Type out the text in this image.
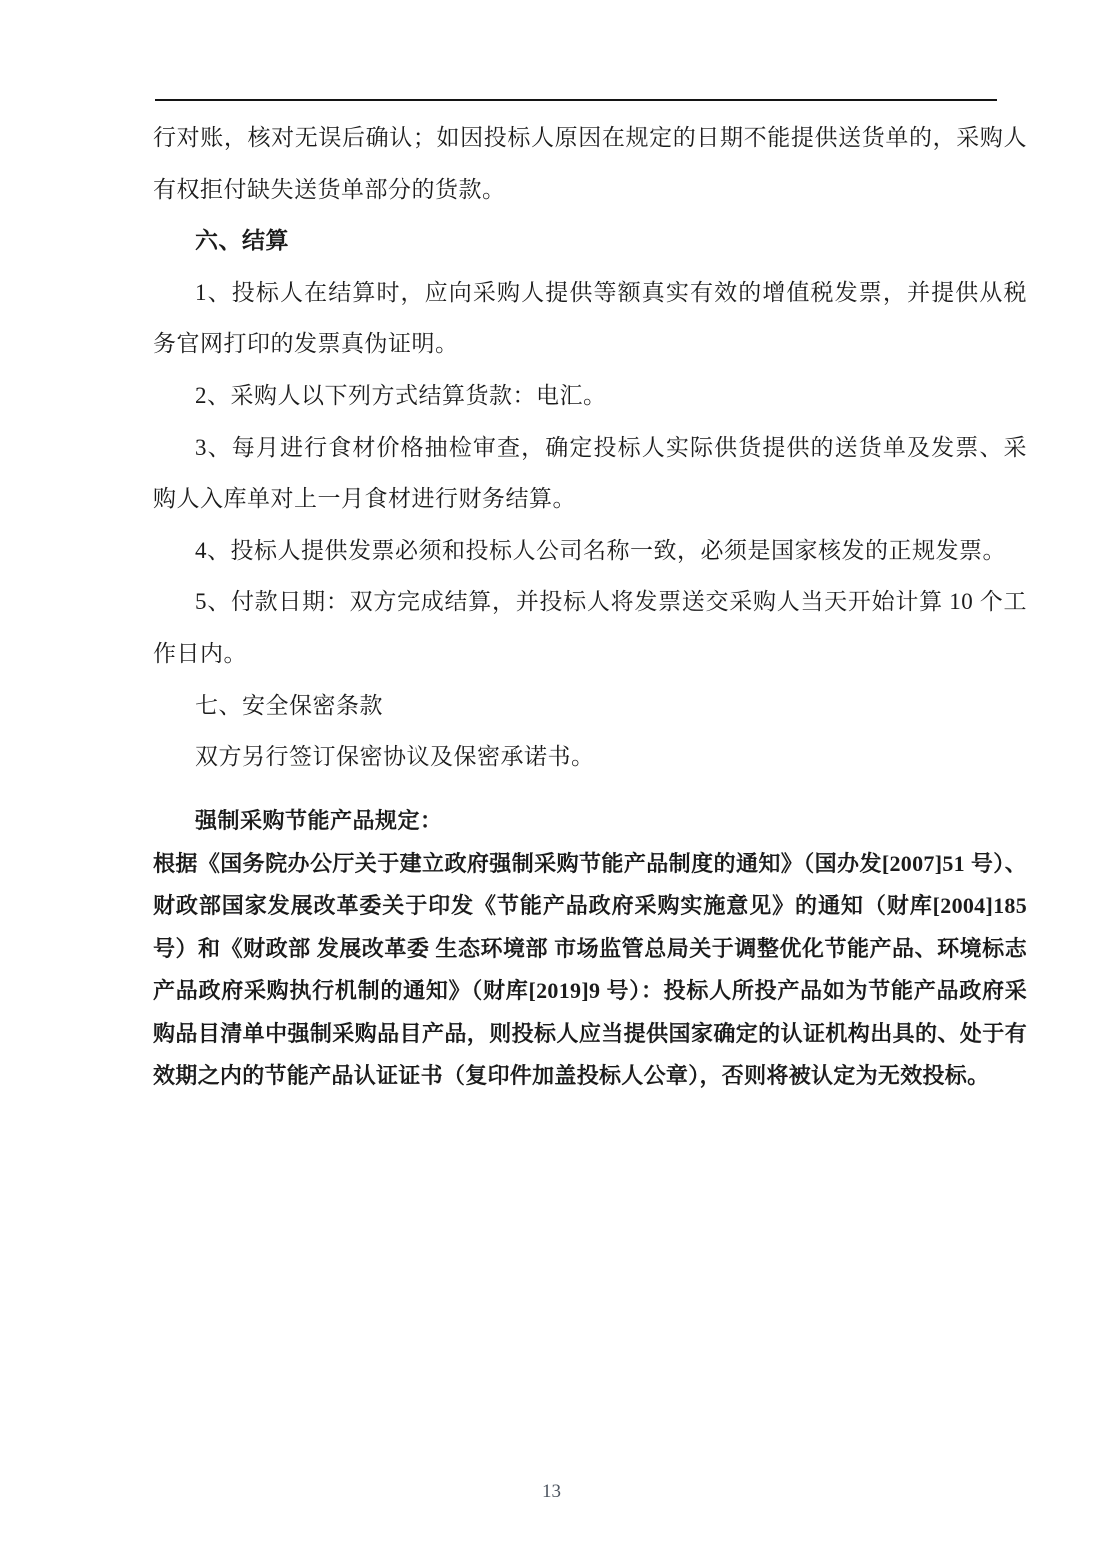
行对账，核对无误后确认；如因投标人原因在规定的日期不能提供送货单的，采购人有权拒付缺失送货单部分的货款。

六、结算

1、投标人在结算时，应向采购人提供等额真实有效的增值税发票，并提供从税务官网打印的发票真伪证明。

2、采购人以下列方式结算货款：电汇。

3、每月进行食材价格抽检审查，确定投标人实际供货提供的送货单及发票、采购人入库单对上一月食材进行财务结算。

4、投标人提供发票必须和投标人公司名称一致，必须是国家核发的正规发票。

5、付款日期：双方完成结算，并投标人将发票送交采购人当天开始计算 10 个工作日内。

七、安全保密条款

双方另行签订保密协议及保密承诺书。

强制采购节能产品规定：

根据《国务院办公厅关于建立政府强制采购节能产品制度的通知》（国办发[2007]51 号）、财政部国家发展改革委关于印发《节能产品政府采购实施意见》的通知（财库[2004]185 号）和《财政部 发展改革委 生态环境部 市场监管总局关于调整优化节能产品、环境标志产品政府采购执行机制的通知》（财库[2019]9 号）：投标人所投产品如为节能产品政府采购品目清单中强制采购品目产品，则投标人应当提供国家确定的认证机构出具的、处于有效期之内的节能产品认证证书（复印件加盖投标人公章），否则将被认定为无效投标。

13
